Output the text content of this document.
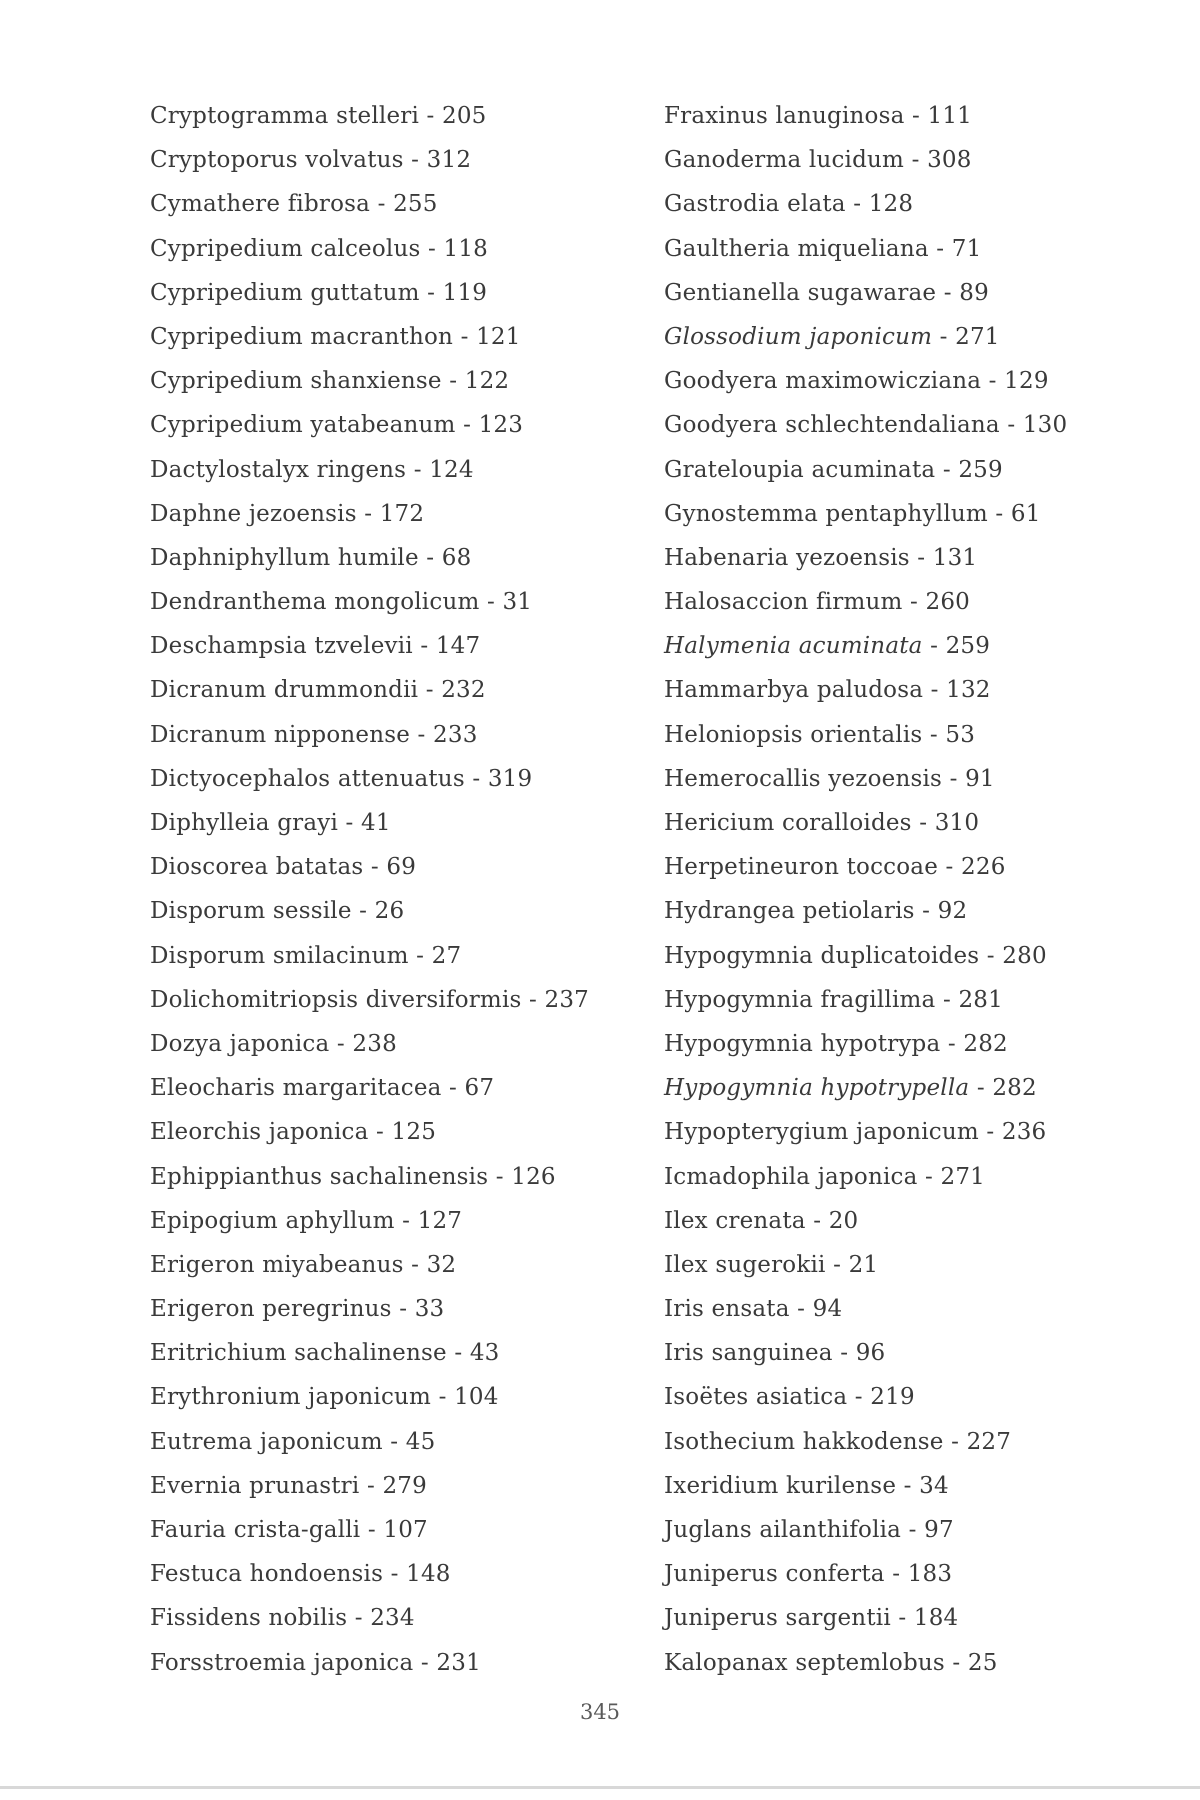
Cryptogramma stelleri - 205
Cryptoporus volvatus - 312
Cymathere fibrosa - 255
Cypripedium calceolus - 118
Cypripedium guttatum - 119
Cypripedium macranthon - 121
Cypripedium shanxiense - 122
Cypripedium yatabeanum - 123
Dactylostalyx ringens - 124
Daphne jezoensis - 172
Daphniphyllum humile - 68
Dendranthema mongolicum - 31
Deschampsia tzvelevii - 147
Dicranum drummondii - 232
Dicranum nipponense - 233
Dictyocephalos attenuatus - 319
Diphylleia grayi - 41
Dioscorea batatas - 69
Disporum sessile - 26
Disporum smilacinum - 27
Dolichomitriopsis diversiformis - 237
Dozya japonica - 238
Eleocharis margaritacea - 67
Eleorchis japonica - 125
Ephippianthus sachalinensis - 126
Epipogium aphyllum - 127
Erigeron miyabeanus - 32
Erigeron peregrinus - 33
Eritrichium sachalinense - 43
Erythronium japonicum - 104
Eutrema japonicum - 45
Evernia prunastri - 279
Fauria crista-galli - 107
Festuca hondoensis - 148
Fissidens nobilis - 234
Forsstroemia japonica - 231
Fraxinus lanuginosa - 111
Ganoderma lucidum - 308
Gastrodia elata - 128
Gaultheria miqueliana - 71
Gentianella sugawarae - 89
Glossodium japonicum - 271
Goodyera maximowicziana - 129
Goodyera schlechtendaliana - 130
Grateloupia acuminata - 259
Gynostemma pentaphyllum - 61
Habenaria yezoensis - 131
Halosaccion firmum - 260
Halymenia acuminata - 259
Hammarbya paludosa - 132
Heloniopsis orientalis - 53
Hemerocallis yezoensis - 91
Hericium coralloides - 310
Herpetineuron toccoae - 226
Hydrangea petiolaris - 92
Hypogymnia duplicatoides - 280
Hypogymnia fragillima - 281
Hypogymnia hypotrypa - 282
Hypogymnia hypotrypella - 282
Hypopterygium japonicum - 236
Icmadophila japonica - 271
Ilex crenata - 20
Ilex sugerokii - 21
Iris ensata - 94
Iris sanguinea - 96
Isoëtes asiatica - 219
Isothecium hakkodense - 227
Ixeridium kurilense - 34
Juglans ailanthifolia - 97
Juniperus conferta - 183
Juniperus sargentii - 184
Kalopanax septemlobus - 25
345
